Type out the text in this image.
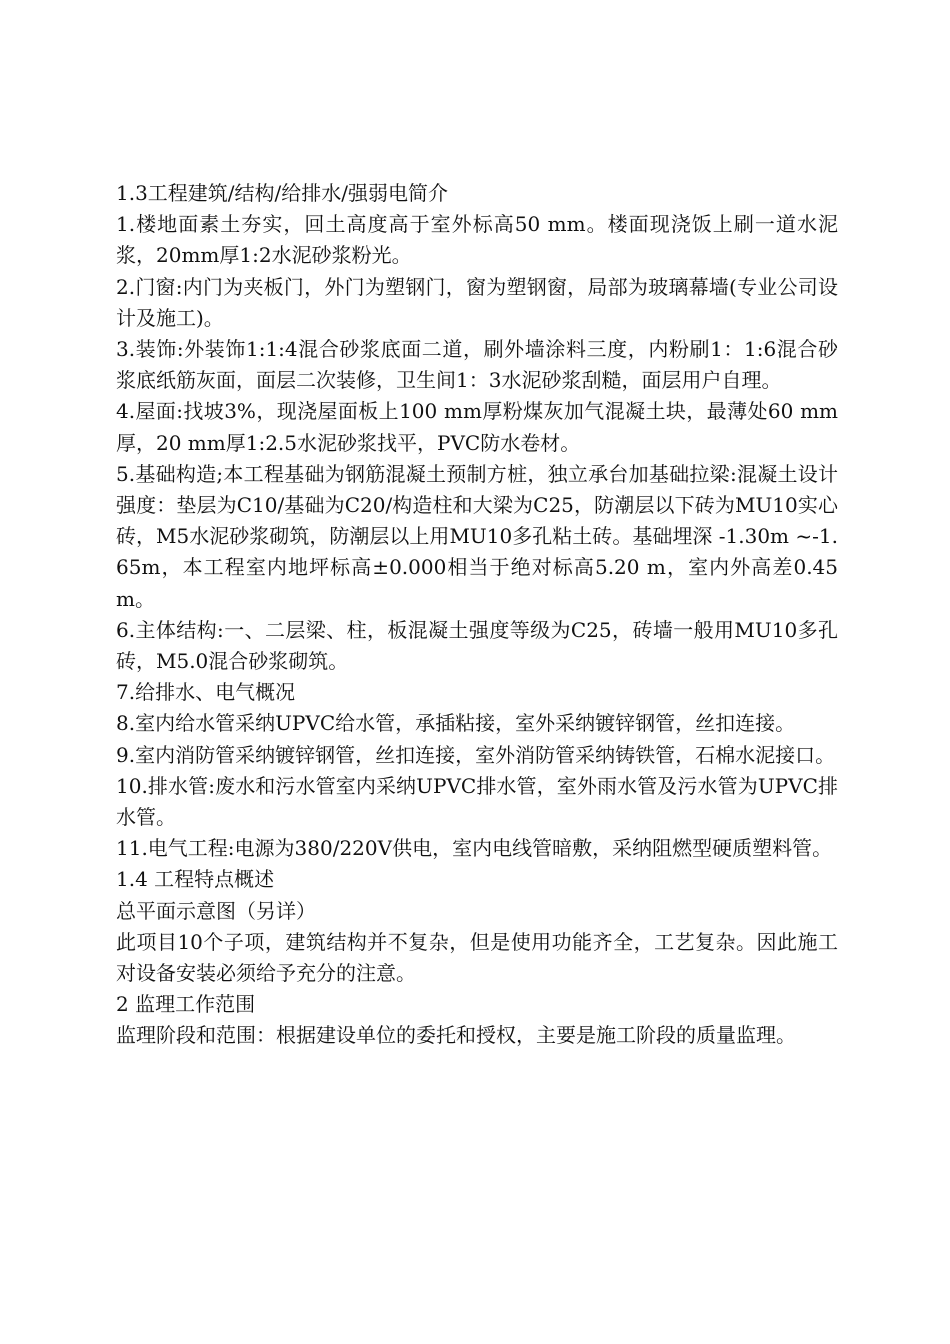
1.3工程建筑/结构/给排水/强弱电简介

1.楼地面素土夯实，回土高度高于室外标高50 mm。楼面现浇饭上刷一道水泥浆，20mm厚1:2水泥砂浆粉光。

2.门窗:内门为夹板门，外门为塑钢门，窗为塑钢窗，局部为玻璃幕墙(专业公司设计及施工)。

3.装饰:外装饰1:1:4混合砂浆底面二道，刷外墙涂料三度，内粉刷1：1:6混合砂浆底纸筋灰面，面层二次装修，卫生间1：3水泥砂浆刮糙，面层用户自理。

4.屋面:找坡3%，现浇屋面板上100 mm厚粉煤灰加气混凝土块，最薄处60 mm厚，20 mm厚1:2.5水泥砂浆找平，PVC防水卷材。

5.基础构造;本工程基础为钢筋混凝土预制方桩，独立承台加基础拉梁:混凝土设计强度：垫层为C10/基础为C20/构造柱和大梁为C25，防潮层以下砖为MU10实心砖，M5水泥砂浆砌筑，防潮层以上用MU10多孔粘土砖。基础埋深 -1.30m ~-1.65m，本工程室内地坪标高±0.000相当于绝对标高5.20 m，室内外高差0.45m。

6.主体结构:一、二层梁、柱，板混凝土强度等级为C25，砖墙一般用MU10多孔砖，M5.0混合砂浆砌筑。

7.给排水、电气概况

8.室内给水管采纳UPVC给水管，承插粘接，室外采纳镀锌钢管，丝扣连接。

9.室内消防管采纳镀锌钢管，丝扣连接，室外消防管采纳铸铁管，石棉水泥接口。

10.排水管:废水和污水管室内采纳UPVC排水管，室外雨水管及污水管为UPVC排水管。

11.电气工程:电源为380/220V供电，室内电线管暗敷，采纳阻燃型硬质塑料管。

1.4 工程特点概述

总平面示意图（另详）

此项目10个子项，建筑结构并不复杂，但是使用功能齐全，工艺复杂。因此施工对设备安装必须给予充分的注意。

2 监理工作范围

监理阶段和范围：根据建设单位的委托和授权，主要是施工阶段的质量监理。
